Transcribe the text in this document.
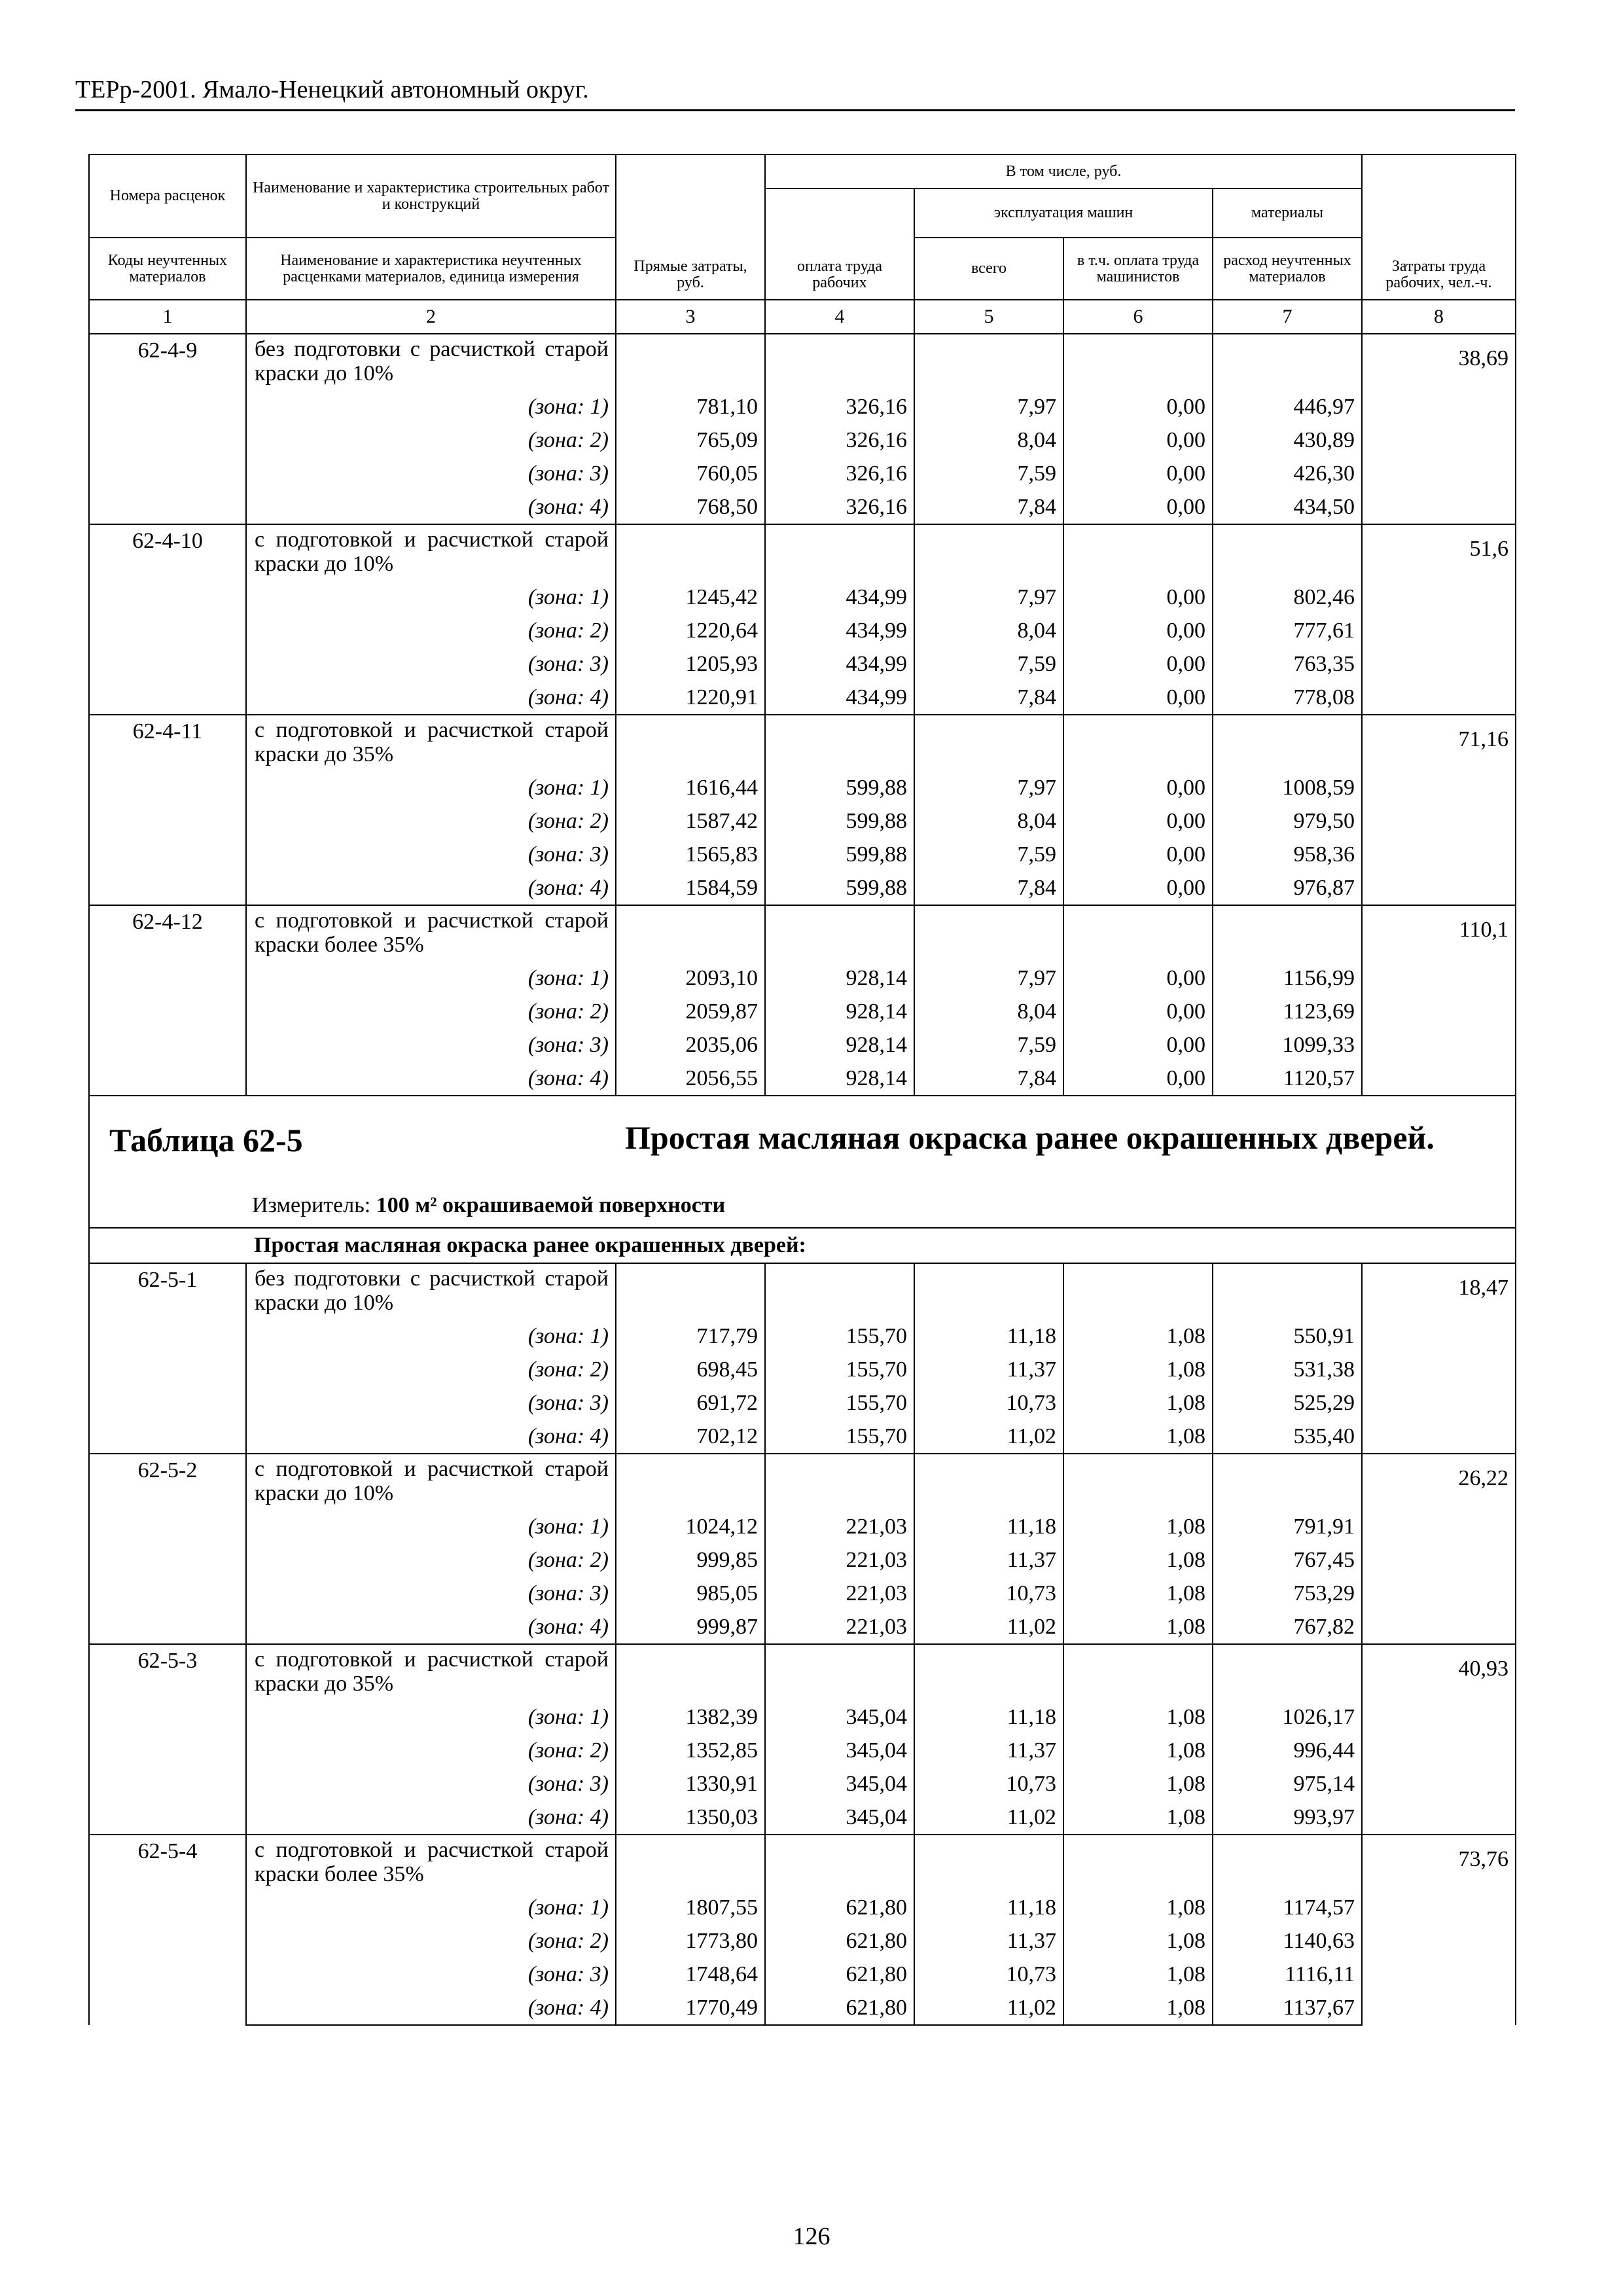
ТЕРр-2001. Ямало-Ненецкий автономный округ.
Номера расценок	Наименование и характеристика строительных работ и конструкций	Прямые затраты, руб.	В том числе, руб.				Затраты труда рабочих, чел.-ч.
			оплата труда рабочих	эксплуатация машин		материалы	
Коды неучтенных материалов	Наименование и характеристика неучтенных расценками материалов, единица измерения			всего	в т.ч. оплата труда машинистов	расход неучтенных материалов	
1	2	3	4	5	6	7	8
62-4-9	без подготовки с расчисткой старой краски до 10%						38,69
	(зона: 1)	781,10	326,16	7,97	0,00	446,97	
	(зона: 2)	765,09	326,16	8,04	0,00	430,89	
	(зона: 3)	760,05	326,16	7,59	0,00	426,30	
	(зона: 4)	768,50	326,16	7,84	0,00	434,50	
62-4-10	с подготовкой и расчисткой старой краски до 10%						51,6
	(зона: 1)	1245,42	434,99	7,97	0,00	802,46	
	(зона: 2)	1220,64	434,99	8,04	0,00	777,61	
	(зона: 3)	1205,93	434,99	7,59	0,00	763,35	
	(зона: 4)	1220,91	434,99	7,84	0,00	778,08	
62-4-11	с подготовкой и расчисткой старой краски до 35%						71,16
	(зона: 1)	1616,44	599,88	7,97	0,00	1008,59	
	(зона: 2)	1587,42	599,88	8,04	0,00	979,50	
	(зона: 3)	1565,83	599,88	7,59	0,00	958,36	
	(зона: 4)	1584,59	599,88	7,84	0,00	976,87	
62-4-12	с подготовкой и расчисткой старой краски более 35%						110,1
	(зона: 1)	2093,10	928,14	7,97	0,00	1156,99	
	(зона: 2)	2059,87	928,14	8,04	0,00	1123,69	
	(зона: 3)	2035,06	928,14	7,59	0,00	1099,33	
	(зона: 4)	2056,55	928,14	7,84	0,00	1120,57	

Таблица 62-5 Простая масляная окраска ранее окрашенных дверей.
Измеритель: 100 м² окрашиваемой поверхности							

	Простая масляная окраска ранее окрашенных дверей:						
62-5-1	без подготовки с расчисткой старой краски до 10%						18,47
	(зона: 1)	717,79	155,70	11,18	1,08	550,91	
	(зона: 2)	698,45	155,70	11,37	1,08	531,38	
	(зона: 3)	691,72	155,70	10,73	1,08	525,29	
	(зона: 4)	702,12	155,70	11,02	1,08	535,40	
62-5-2	с подготовкой и расчисткой старой краски до 10%						26,22
	(зона: 1)	1024,12	221,03	11,18	1,08	791,91	
	(зона: 2)	999,85	221,03	11,37	1,08	767,45	
	(зона: 3)	985,05	221,03	10,73	1,08	753,29	
	(зона: 4)	999,87	221,03	11,02	1,08	767,82	
62-5-3	с подготовкой и расчисткой старой краски до 35%						40,93
	(зона: 1)	1382,39	345,04	11,18	1,08	1026,17	
	(зона: 2)	1352,85	345,04	11,37	1,08	996,44	
	(зона: 3)	1330,91	345,04	10,73	1,08	975,14	
	(зона: 4)	1350,03	345,04	11,02	1,08	993,97	
62-5-4	с подготовкой и расчисткой старой краски более 35%						73,76
	(зона: 1)	1807,55	621,80	11,18	1,08	1174,57	
	(зона: 2)	1773,80	621,80	11,37	1,08	1140,63	
	(зона: 3)	1748,64	621,80	10,73	1,08	1116,11	
	(зона: 4)	1770,49	621,80	11,02	1,08	1137,67	
126
